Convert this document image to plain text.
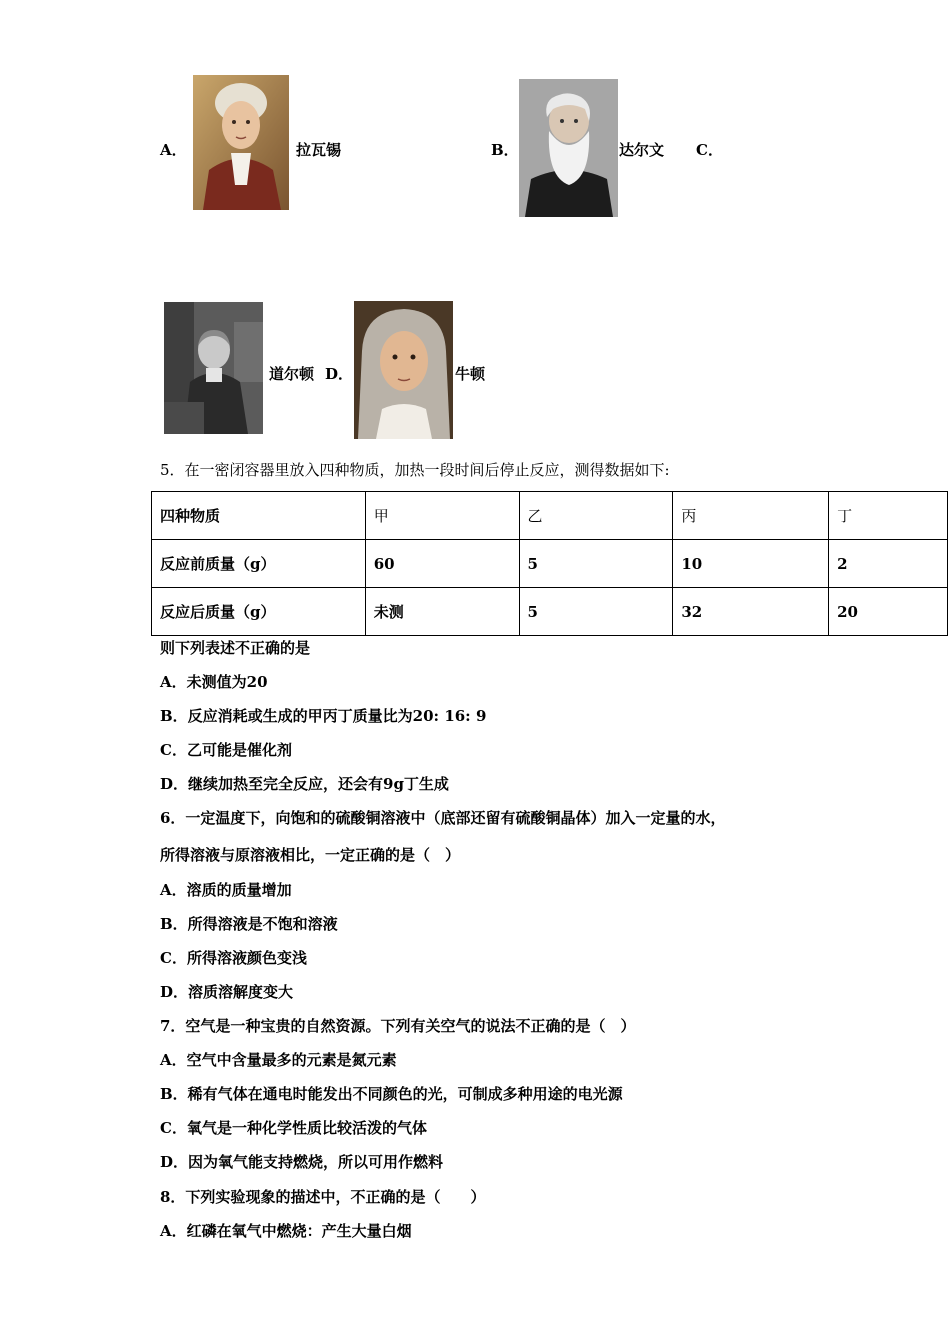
A．	拉瓦锡	B．	达尔文 C．
道尔顿 D．	牛顿
5．在一密闭容器里放入四种物质，加热一段时间后停止反应，测得数据如下:
四种物质	甲	乙	丙	丁
反应前质量（g）	60	5	10	2
反应后质量（g）	未测	5	32	20
则下列表述不正确的是
A．未测值为20
B．反应消耗或生成的甲丙丁质量比为20: 16: 9
C．乙可能是催化剂
D．继续加热至完全反应，还会有9g丁生成
6．一定温度下，向饱和的硫酸铜溶液中（底部还留有硫酸铜晶体）加入一定量的水，
所得溶液与原溶液相比，一定正确的是（　）
A．溶质的质量增加
B．所得溶液是不饱和溶液
C．所得溶液颜色变浅
D．溶质溶解度变大
7．空气是一种宝贵的自然资源。下列有关空气的说法不正确的是（　）
A．空气中含量最多的元素是氮元素
B．稀有气体在通电时能发出不同颜色的光，可制成多种用途的电光源
C．氧气是一种化学性质比较活泼的气体
D．因为氧气能支持燃烧，所以可用作燃料
8．下列实验现象的描述中，不正确的是（　　）
A．红磷在氧气中燃烧：产生大量白烟
